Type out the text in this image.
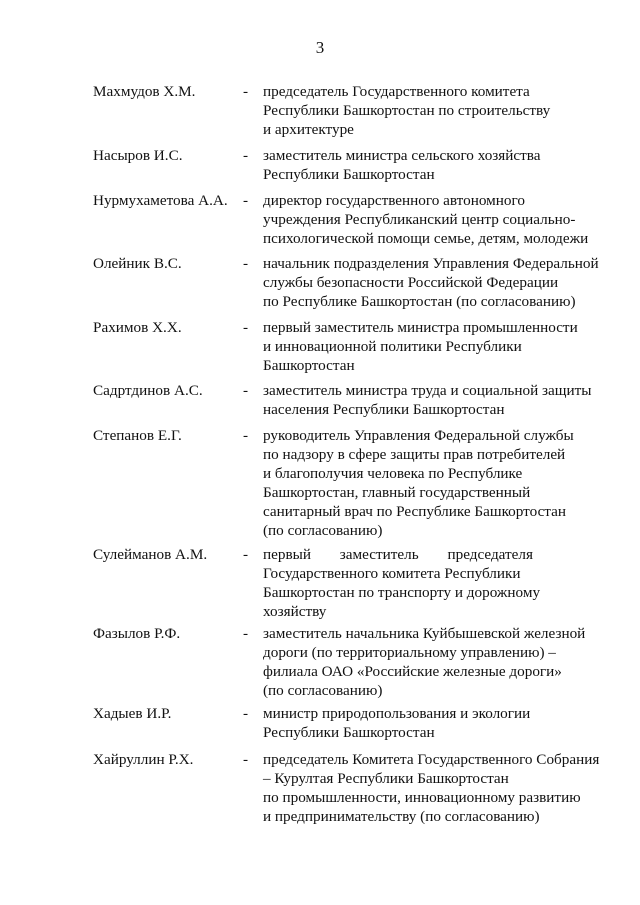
3
Махмудов Х.М.	- председатель Государственного комитета
Республики Башкортостан по строительству
и архитектуре
Насыров И.С.	- заместитель министра сельского хозяйства
Республики Башкортостан
Нурмухаметова А.А. - директор государственного автономного
учреждения Республиканский центр социально-
психологической помощи семье, детям, молодежи
Олейник В.С.	- начальник подразделения Управления Федеральной
службы безопасности Российской Федерации
по Республике Башкортостан (по согласованию)
Рахимов Х.Х.	- первый заместитель министра промышленности
и инновационной политики Республики
Башкортостан
Садртдинов А.С.	- заместитель министра труда и социальной защиты
населения Республики Башкортостан
Степанов Е.Г.	- руководитель Управления Федеральной службы
по надзору в сфере защиты прав потребителей
и благополучия человека по Республике
Башкортостан, главный государственный
санитарный врач по Республике Башкортостан
(по согласованию)
Сулейманов А.М. - первый заместитель председателя
Государственного комитета Республики
Башкортостан по транспорту и дорожному
хозяйству
Фазылов Р.Ф.	- заместитель начальника Куйбышевской железной
дороги (по территориальному управлению) –
филиала ОАО «Российские железные дороги»
(по согласованию)
Хадыев И.Р.	- министр природопользования и экологии
Республики Башкортостан
Хайруллин Р.Х.	- председатель Комитета Государственного Собрания
– Курултая Республики Башкортостан
по промышленности, инновационному развитию
и предпринимательству (по согласованию)
